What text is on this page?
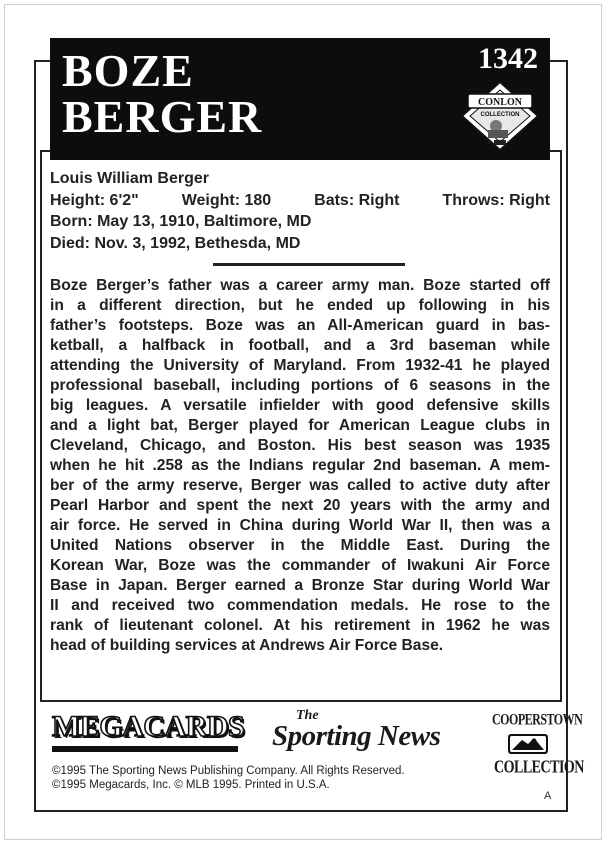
BOZE
BERGER
1342
CONLON
COLLECTION
Louis William Berger
Height: 6'2"	Weight: 180	Bats: Right	Throws: Right
Born: May 13, 1910, Baltimore, MD
Died: Nov. 3, 1992, Bethesda, MD
Boze Berger’s father was a career army man. Boze started off
in a different direction, but he ended up following in his
father’s footsteps. Boze was an All-American guard in bas-
ketball, a halfback in football, and a 3rd baseman while
attending the University of Maryland. From 1932-41 he played
professional baseball, including portions of 6 seasons in the
big leagues. A versatile infielder with good defensive skills
and a light bat, Berger played for American League clubs in
Cleveland, Chicago, and Boston. His best season was 1935
when he hit .258 as the Indians regular 2nd baseman. A mem-
ber of the army reserve, Berger was called to active duty after
Pearl Harbor and spent the next 20 years with the army and
air force. He served in China during World War II, then was a
United Nations observer in the Middle East. During the
Korean War, Boze was the commander of Iwakuni Air Force
Base in Japan. Berger earned a Bronze Star during World War
II and received two commendation medals. He rose to the
rank of lieutenant colonel. At his retirement in 1962 he was
head of building services at Andrews Air Force Base.
MEGACARDS	The
Sporting News
COOPERSTOWN
COLLECTION
©1995 The Sporting News Publishing Company. All Rights Reserved.
©1995 Megacards, Inc. © MLB 1995. Printed in U.S.A.
A
